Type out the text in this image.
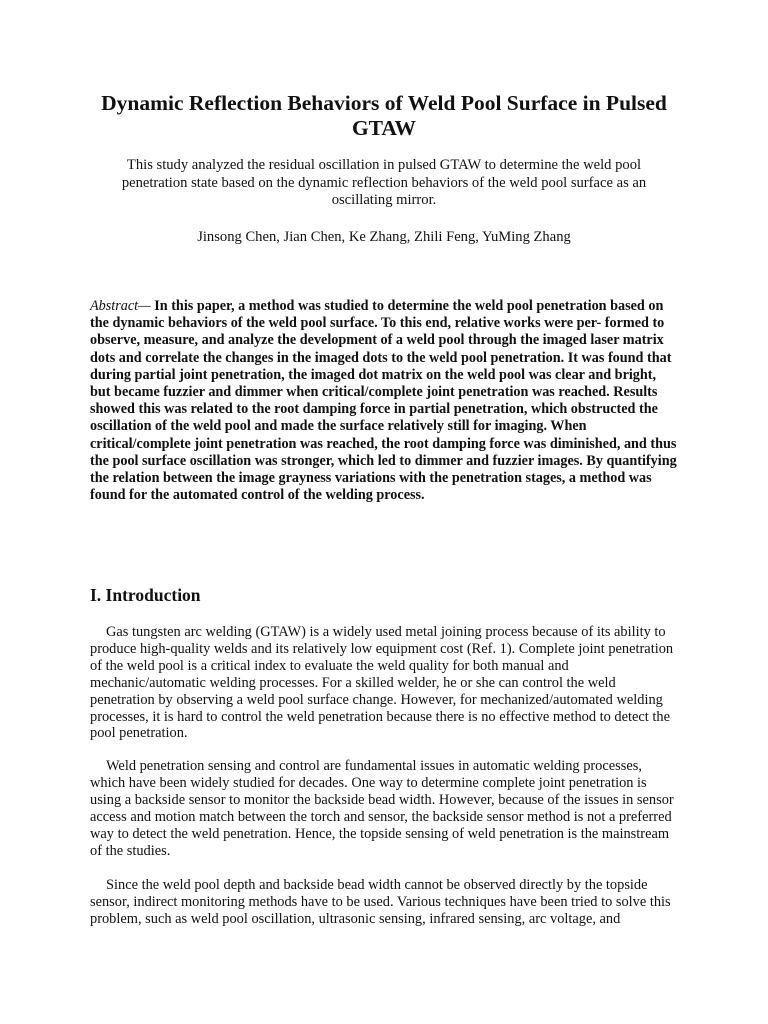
Dynamic Reflection Behaviors of Weld Pool Surface in Pulsed GTAW

This study analyzed the residual oscillation in pulsed GTAW to determine the weld pool penetration state based on the dynamic reflection behaviors of the weld pool surface as an oscillating mirror.

Jinsong Chen, Jian Chen, Ke Zhang, Zhili Feng, YuMing Zhang

Abstract— In this paper, a method was studied to determine the weld pool penetration based on the dynamic behaviors of the weld pool surface. To this end, relative works were per- formed to observe, measure, and analyze the development of a weld pool through the imaged laser matrix dots and correlate the changes in the imaged dots to the weld pool penetration. It was found that during partial joint penetration, the imaged dot matrix on the weld pool was clear and bright, but became fuzzier and dimmer when critical/complete joint penetration was reached. Results showed this was related to the root damping force in partial penetration, which obstructed the oscillation of the weld pool and made the surface relatively still for imaging. When critical/complete joint penetration was reached, the root damping force was diminished, and thus the pool surface oscillation was stronger, which led to dimmer and fuzzier images. By quantifying the relation between the image grayness variations with the penetration stages, a method was found for the automated control of the welding process.

I. Introduction

Gas tungsten arc welding (GTAW) is a widely used metal joining process because of its ability to produce high-quality welds and its relatively low equipment cost (Ref. 1). Complete joint penetration of the weld pool is a critical index to evaluate the weld quality for both manual and mechanic/automatic welding processes. For a skilled welder, he or she can control the weld penetration by observing a weld pool surface change. However, for mechanized/automated welding processes, it is hard to control the weld penetration because there is no effective method to detect the pool penetration.

Weld penetration sensing and control are fundamental issues in automatic welding processes, which have been widely studied for decades. One way to determine complete joint penetration is using a backside sensor to monitor the backside bead width. However, because of the issues in sensor access and motion match between the torch and sensor, the backside sensor method is not a preferred way to detect the weld penetration. Hence, the topside sensing of weld penetration is the mainstream of the studies.

Since the weld pool depth and backside bead width cannot be observed directly by the topside sensor, indirect monitoring methods have to be used. Various techniques have been tried to solve this problem, such as weld pool oscillation, ultrasonic sensing, infrared sensing, arc voltage, and
